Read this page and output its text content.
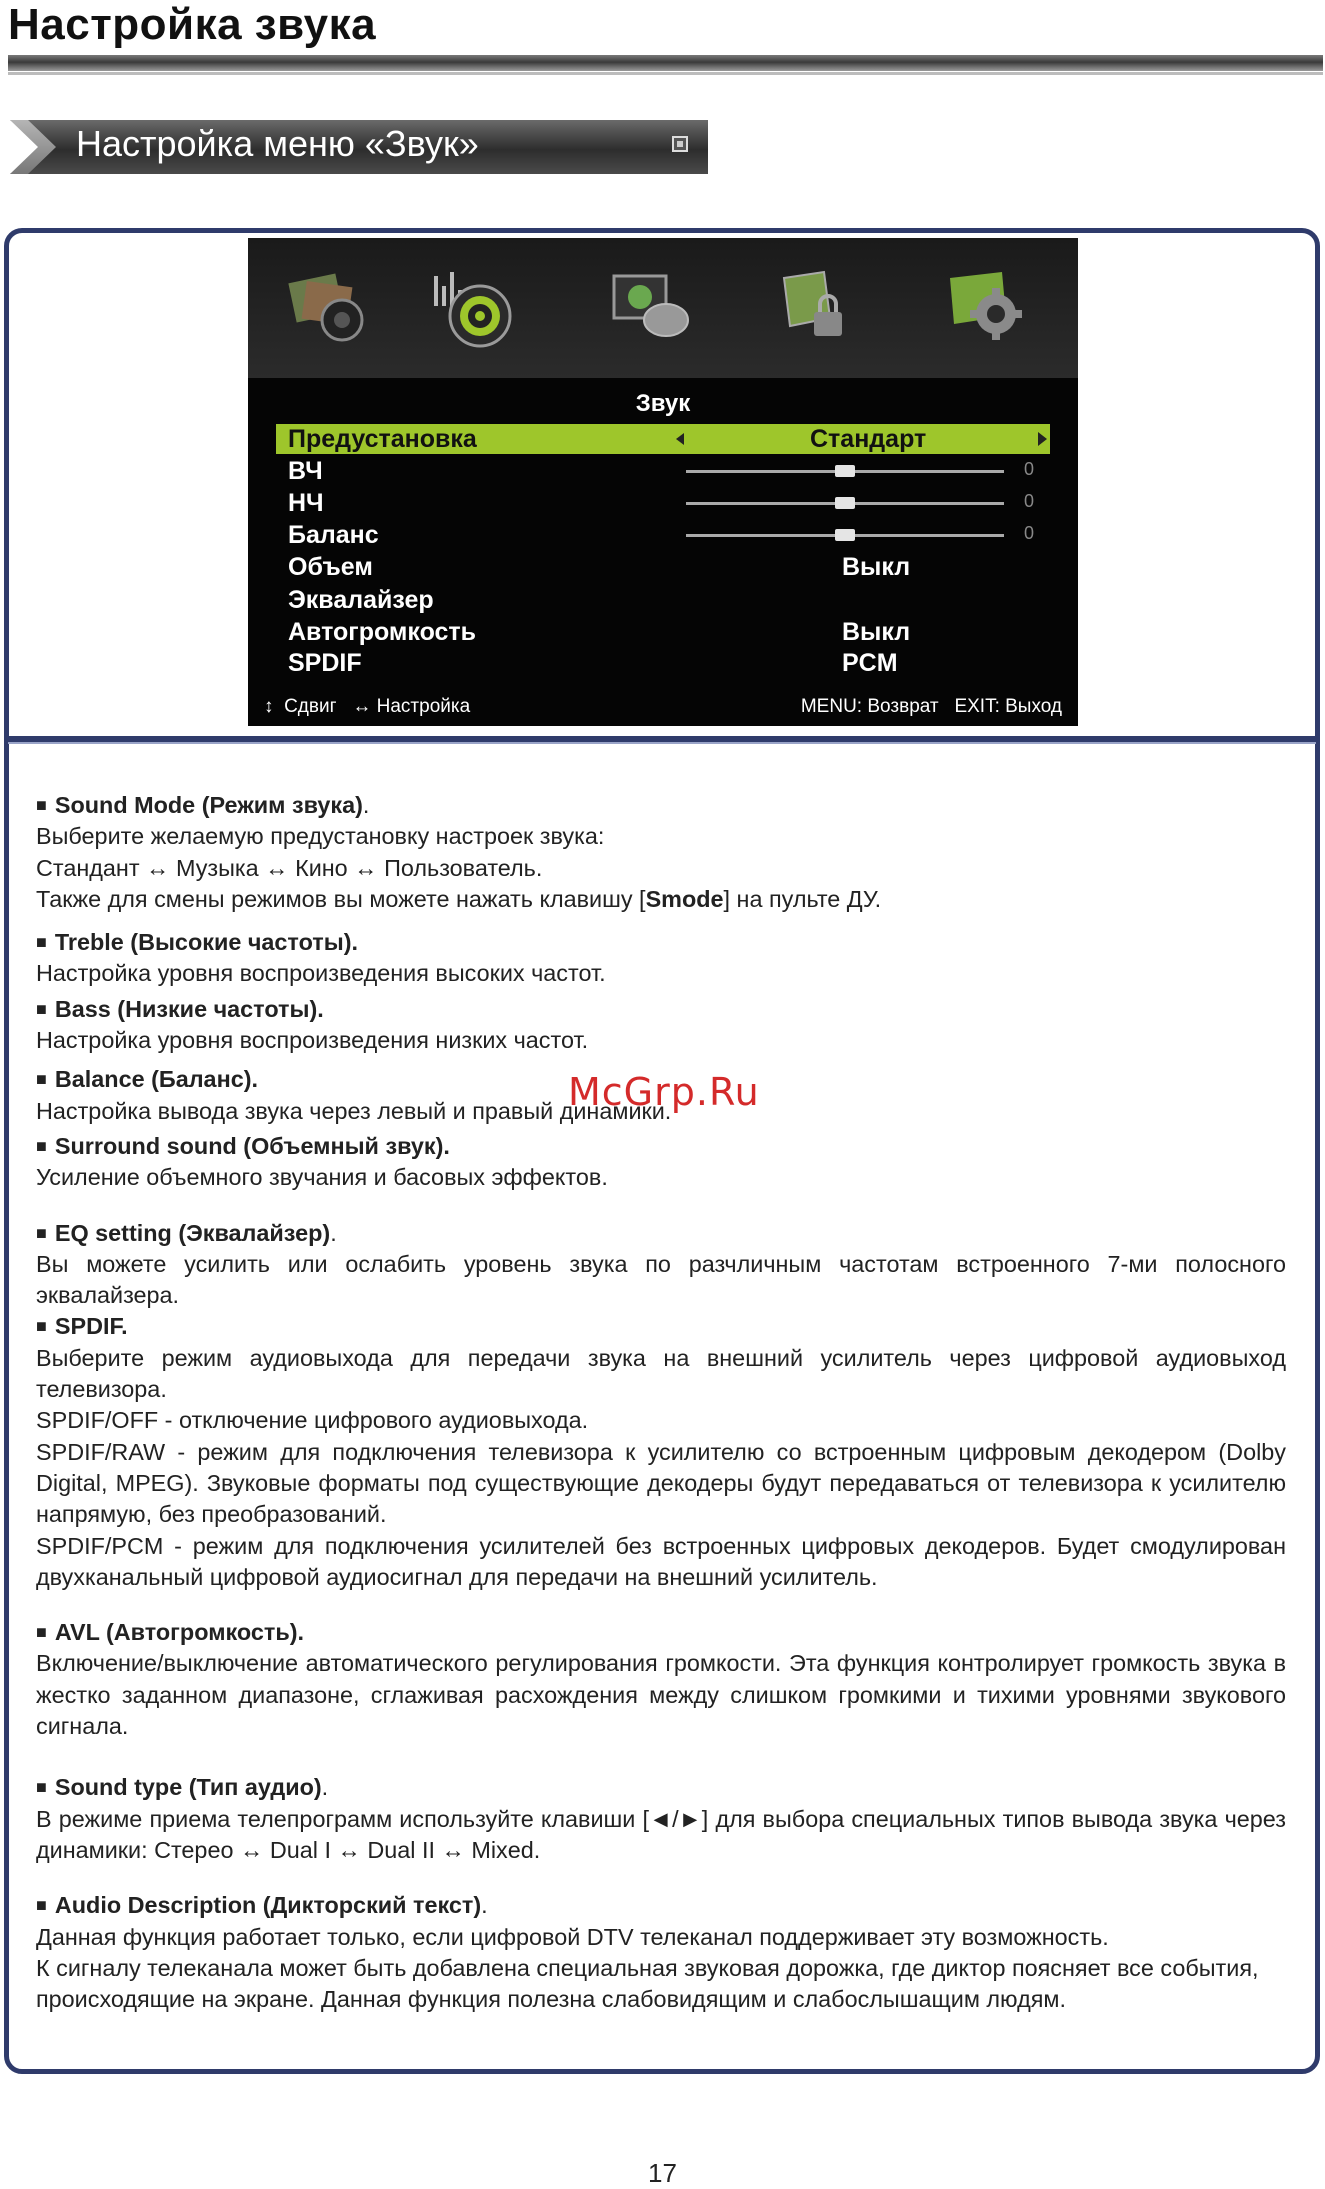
Настройка звука
Настройка меню «Звук»
Звук
Предустановка	Стандарт
ВЧ	0
НЧ	0
Баланс	0
Объем	Выкл
Эквалайзер
Автогромкость	Выкл
SPDIF	PCM
↕ Сдвиг ↔ Настройка	MENU: Возврат EXIT: Выход

■ Sound Mode (Режим звука).

Выберите желаемую предустановку настроек звука:

Стандант ↔ Музыка ↔ Кино ↔ Пользователь.

Также для смены режимов вы можете нажать клавишу [Smode] на пульте ДУ.

■ Treble (Высокие частоты).

Настройка уровня воспроизведения высоких частот.

■ Bass (Низкие частоты).

Настройка уровня воспроизведения низких частот.

■ Balance (Баланс).

Настройка вывода звука через левый и правый динамики.

■ Surround sound (Объемный звук).

Усиление объемного звучания и басовых эффектов.

■ EQ setting (Эквалайзер).

Вы можете усилить или ослабить уровень звука по разчличным частотам встроенного 7-ми полосного эквалайзера.

■ SPDIF.

Выберите режим аудиовыхода для передачи звука на внешний усилитель через цифровой аудиовыход телевизора.

SPDIF/OFF - отключение цифрового аудиовыхода.

SPDIF/RAW - режим для подключения телевизора к усилителю со встроенным цифровым декодером (Dolby Digital, MPEG). Звуковые форматы под существующие декодеры будут передаваться от телевизора к усилителю напрямую, без преобразований.

SPDIF/PCM - режим для подключения усилителей без встроенных цифровых декодеров. Будет смодулирован двухканальный цифровой аудиосигнал для передачи на внешний усилитель.

■ AVL (Автогромкость).

Включение/выключение автоматического регулирования громкости. Эта функция контролирует громкость звука в жестко заданном диапазоне, сглаживая расхождения между слишком громкими и тихими уровнями звукового сигнала.

■ Sound type (Тип аудио).

В режиме приема телепрограмм используйте клавиши [◄/►] для выбора специальных типов вывода звука через динамики: Стерео ↔ Dual I ↔ Dual II ↔ Mixed.

■ Audio Description (Дикторский текст).

Данная функция работает только, если цифровой DTV телеканал поддерживает эту возможность.

К сигналу телеканала может быть добавлена специальная звуковая дорожка, где диктор поясняет все события, происходящие на экране. Данная функция полезна слабовидящим и слабослышащим людям.

McGrp.Ru
17
